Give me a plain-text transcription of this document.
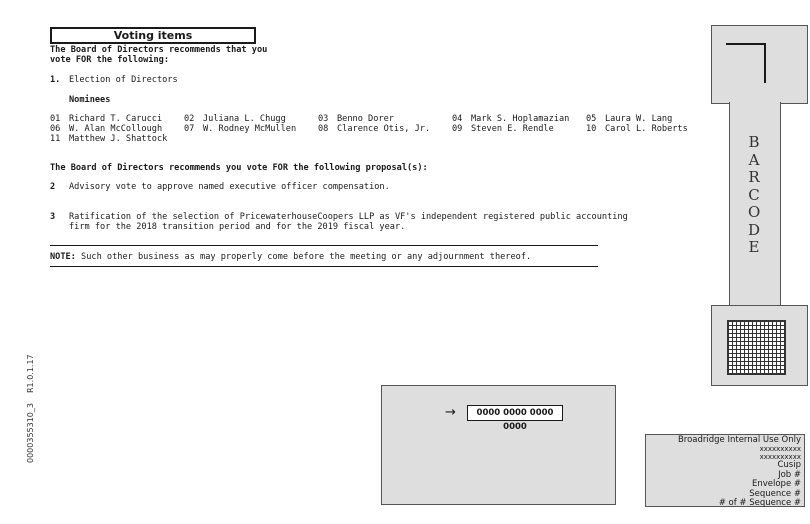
Voting items
The Board of Directors recommends that you
vote FOR the following:
1. Election of Directors
Nominees
01 Richard T. Carucci	02 Juliana L. Chugg	03 Benno Dorer	04 Mark S. Hoplamazian 05 Laura W. Lang
06 W. Alan McCollough	07 W. Rodney McMullen	08 Clarence Otis, Jr.	09 Steven E. Rendle	10 Carol L. Roberts
11 Matthew J. Shattock
The Board of Directors recommends you vote FOR the following proposal(s):
2 Advisory vote to approve named executive officer compensation.
3 Ratification of the selection of PricewaterhouseCoopers LLP as VF's independent registered public accounting
firm for the 2018 transition period and for the 2019 fiscal year.
NOTE: Such other business as may properly come before the meeting or any adjournment thereof.
BARCODE
0000355310_3
R1.0.1.17
→	0000 0000 0000 0000
Broadridge Internal Use Only
xxxxxxxxxx
xxxxxxxxxx
Cusip
Job #
Envelope #
Sequence #
# of # Sequence #
